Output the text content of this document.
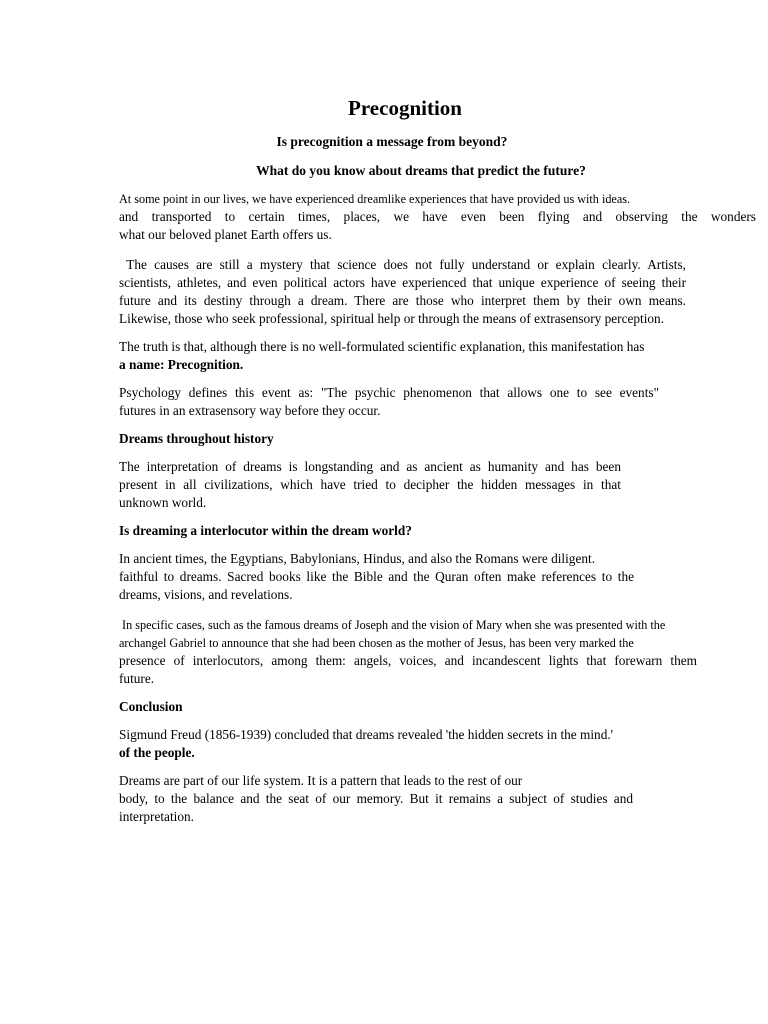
Precognition

Is precognition a message from beyond?

What do you know about dreams that predict the future?

At some point in our lives, we have experienced dreamlike experiences that have provided us with ideas.
and transported to certain times, places, we have even been flying and observing the wonders
what our beloved planet Earth offers us.

The causes are still a mystery that science does not fully understand or explain clearly. Artists,
scientists, athletes, and even political actors have experienced that unique experience of seeing their
future and its destiny through a dream. There are those who interpret them by their own means.
Likewise, those who seek professional, spiritual help or through the means of extrasensory perception.

The truth is that, although there is no well-formulated scientific explanation, this manifestation has
a name: Precognition.

Psychology defines this event as: "The psychic phenomenon that allows one to see events"
futures in an extrasensory way before they occur.

Dreams throughout history

The interpretation of dreams is longstanding and as ancient as humanity and has been
present in all civilizations, which have tried to decipher the hidden messages in that
unknown world.

Is dreaming a interlocutor within the dream world?

In ancient times, the Egyptians, Babylonians, Hindus, and also the Romans were diligent.
faithful to dreams. Sacred books like the Bible and the Quran often make references to the
dreams, visions, and revelations.

In specific cases, such as the famous dreams of Joseph and the vision of Mary when she was presented with the
archangel Gabriel to announce that she had been chosen as the mother of Jesus, has been very marked the
presence of interlocutors, among them: angels, voices, and incandescent lights that forewarn them
future.

Conclusion

Sigmund Freud (1856-1939) concluded that dreams revealed 'the hidden secrets in the mind.'
of the people.

Dreams are part of our life system. It is a pattern that leads to the rest of our
body, to the balance and the seat of our memory. But it remains a subject of studies and
interpretation.
